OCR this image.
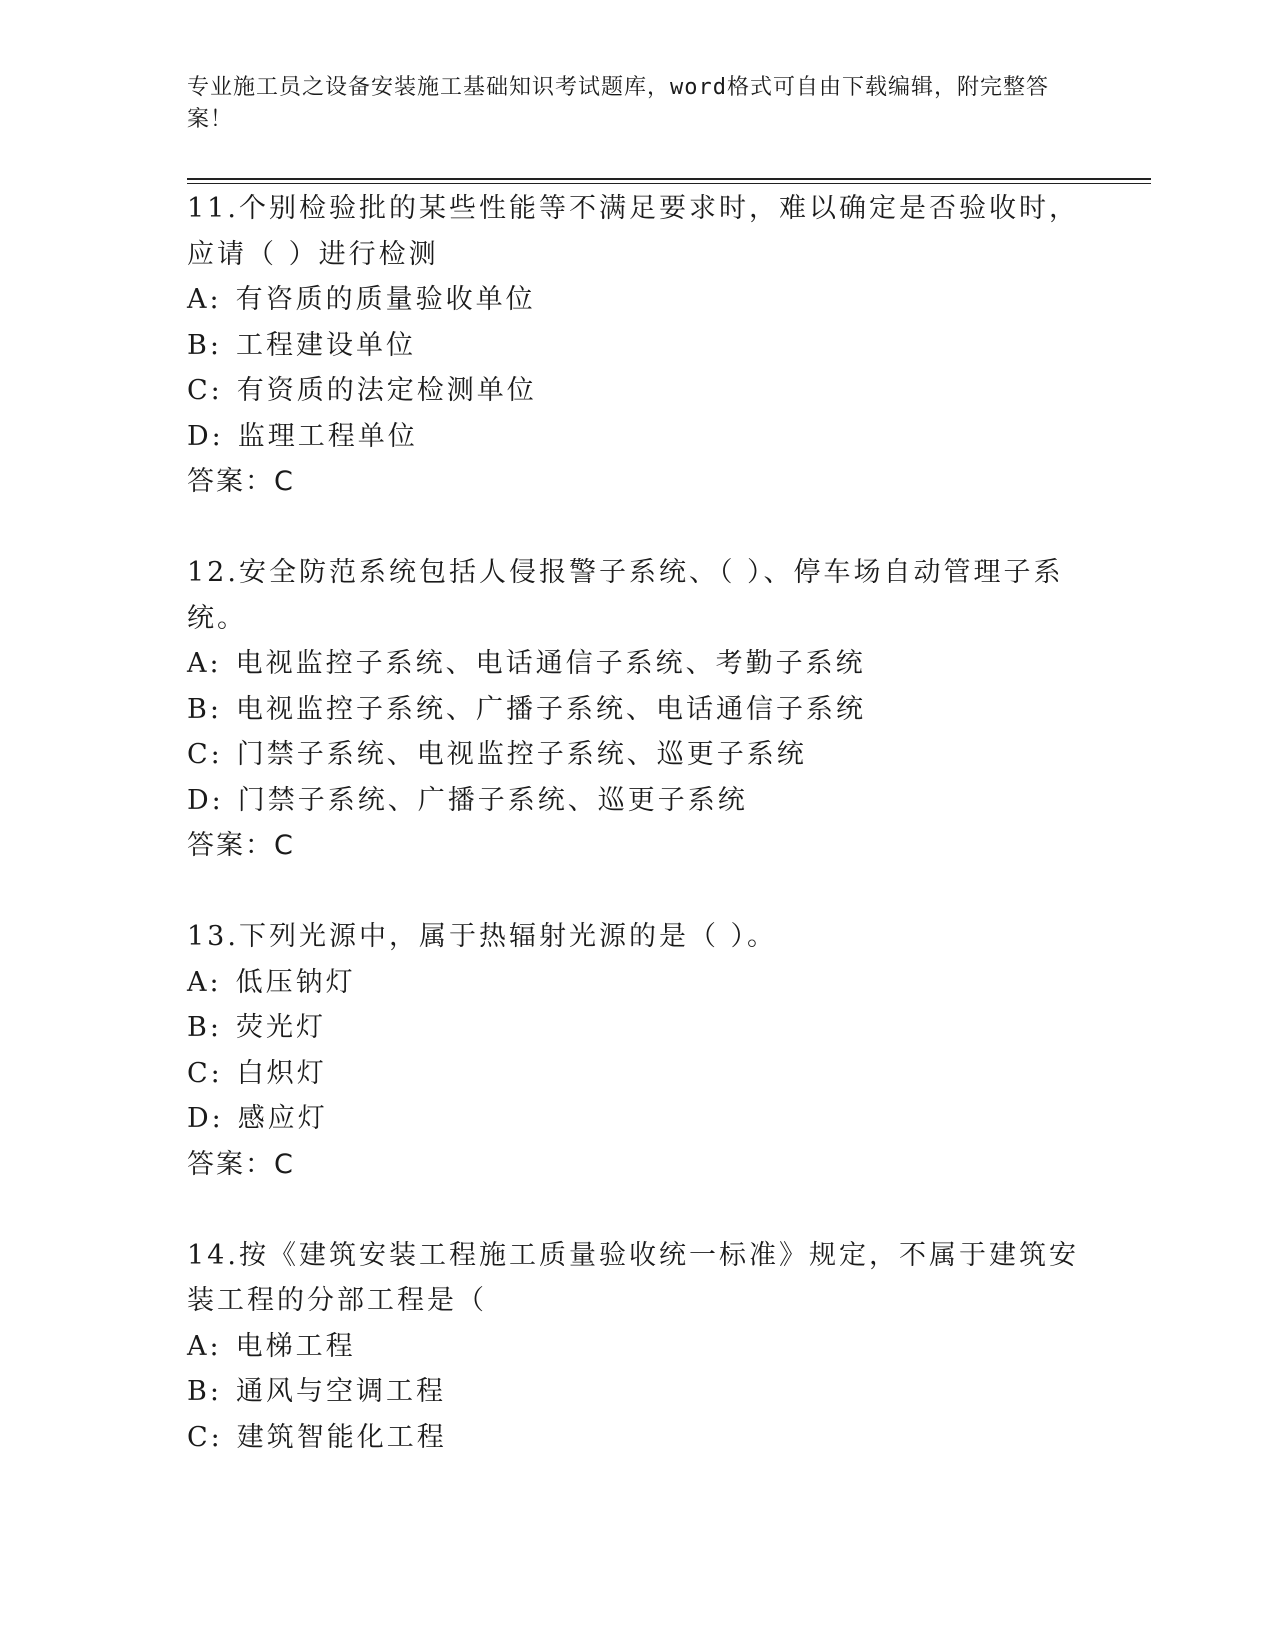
专业施工员之设备安装施工基础知识考试题库，word格式可自由下载编辑，附完整答案！
11.个别检验批的某些性能等不满足要求时，难以确定是否验收时，应请（ ）进行检测
A: 有咨质的质量验收单位
B: 工程建设单位
C: 有资质的法定检测单位
D: 监理工程单位
答案：C
12.安全防范系统包括人侵报警子系统、（ ）、停车场自动管理子系统。
A: 电视监控子系统、电话通信子系统、考勤子系统
B: 电视监控子系统、广播子系统、电话通信子系统
C: 门禁子系统、电视监控子系统、巡更子系统
D: 门禁子系统、广播子系统、巡更子系统
答案：C
13.下列光源中，属于热辐射光源的是（ ）。
A: 低压钠灯
B: 荧光灯
C: 白炽灯
D: 感应灯
答案：C
14.按《建筑安装工程施工质量验收统一标准》规定，不属于建筑安装工程的分部工程是（
A: 电梯工程
B: 通风与空调工程
C: 建筑智能化工程
